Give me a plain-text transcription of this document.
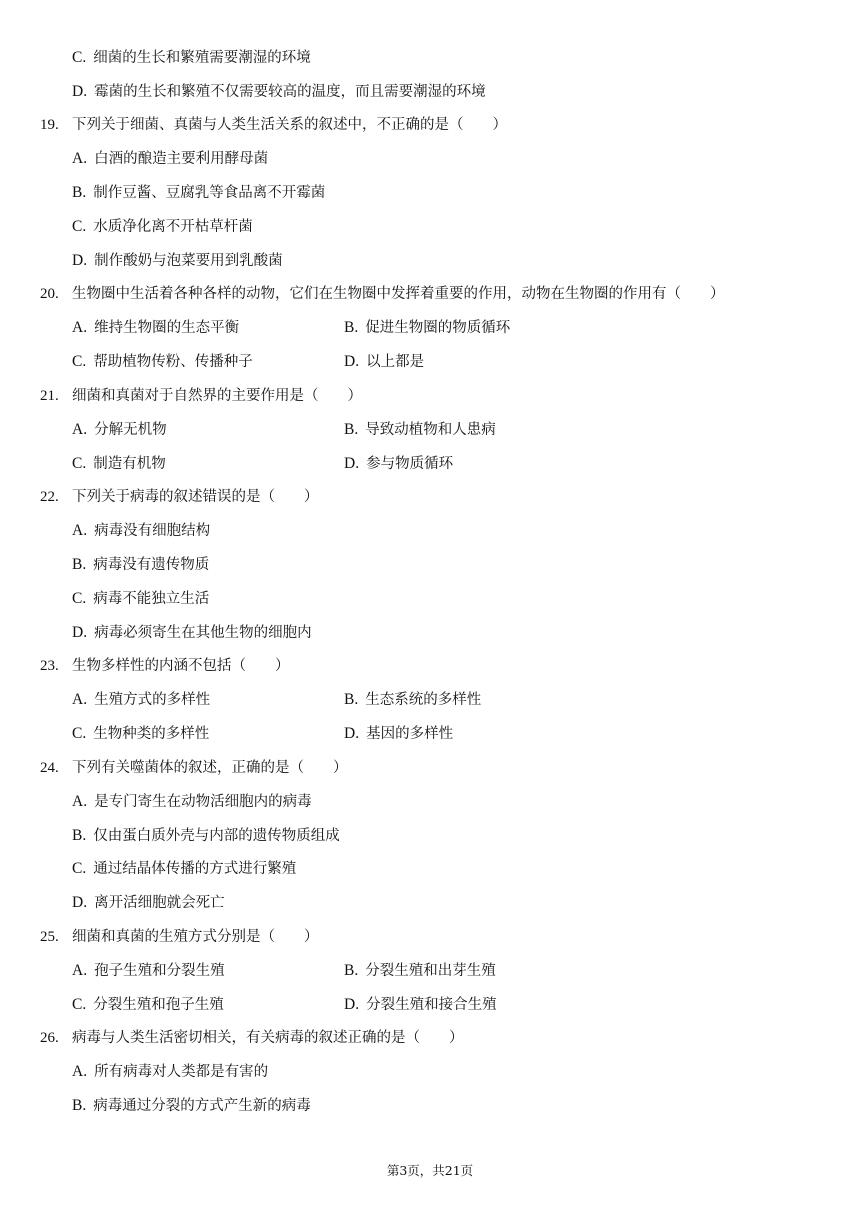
C. 细菌的生长和繁殖需要潮湿的环境
D. 霉菌的生长和繁殖不仅需要较高的温度，而且需要潮湿的环境
19. 下列关于细菌、真菌与人类生活关系的叙述中，不正确的是（　　）
A. 白酒的酿造主要利用酵母菌
B. 制作豆酱、豆腐乳等食品离不开霉菌
C. 水质净化离不开枯草杆菌
D. 制作酸奶与泡菜要用到乳酸菌
20. 生物圈中生活着各种各样的动物，它们在生物圈中发挥着重要的作用，动物在生物圈的作用有（　　）
A. 维持生物圈的生态平衡	B. 促进生物圈的物质循环
C. 帮助植物传粉、传播种子	D. 以上都是
21. 细菌和真菌对于自然界的主要作用是（　　）
A. 分解无机物	B. 导致动植物和人患病
C. 制造有机物	D. 参与物质循环
22. 下列关于病毒的叙述错误的是（　　）
A. 病毒没有细胞结构
B. 病毒没有遗传物质
C. 病毒不能独立生活
D. 病毒必须寄生在其他生物的细胞内
23. 生物多样性的内涵不包括（　　）
A. 生殖方式的多样性	B. 生态系统的多样性
C. 生物种类的多样性	D. 基因的多样性
24. 下列有关噬菌体的叙述，正确的是（　　）
A. 是专门寄生在动物活细胞内的病毒
B. 仅由蛋白质外壳与内部的遗传物质组成
C. 通过结晶体传播的方式进行繁殖
D. 离开活细胞就会死亡
25. 细菌和真菌的生殖方式分别是（　　）
A. 孢子生殖和分裂生殖	B. 分裂生殖和出芽生殖
C. 分裂生殖和孢子生殖	D. 分裂生殖和接合生殖
26. 病毒与人类生活密切相关，有关病毒的叙述正确的是（　　）
A. 所有病毒对人类都是有害的
B. 病毒通过分裂的方式产生新的病毒
第3页，共21页
